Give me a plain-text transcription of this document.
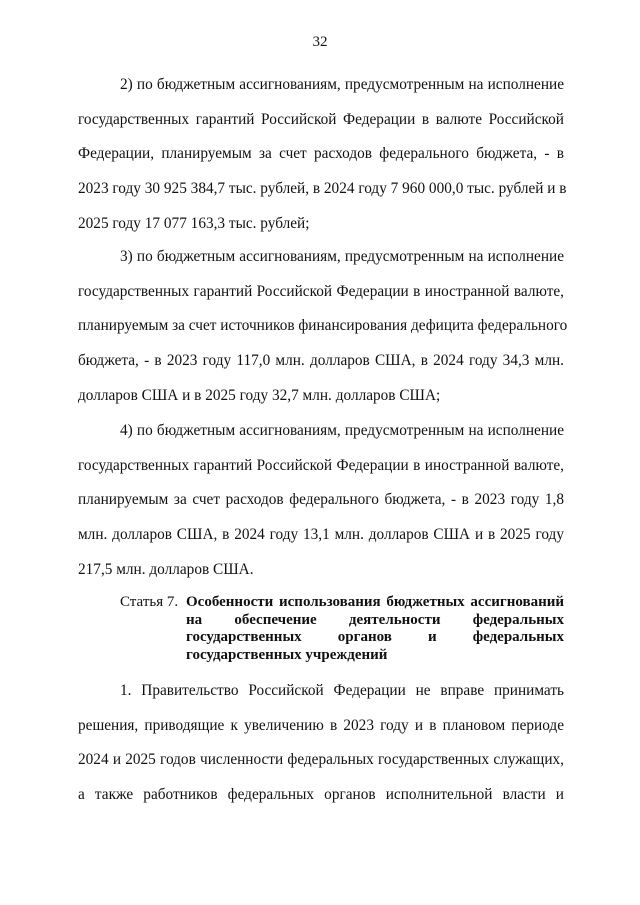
32
2) по бюджетным ассигнованиям, предусмотренным на исполнение
государственных гарантий Российской Федерации в валюте Российской
Федерации, планируемым за счет расходов федерального бюджета, - в
2023 году 30 925 384,7 тыс. рублей, в 2024 году 7 960 000,0 тыс. рублей и в
2025 году 17 077 163,3 тыс. рублей;
3) по бюджетным ассигнованиям, предусмотренным на исполнение
государственных гарантий Российской Федерации в иностранной валюте,
планируемым за счет источников финансирования дефицита федерального
бюджета, - в 2023 году 117,0 млн. долларов США, в 2024 году 34,3 млн.
долларов США и в 2025 году 32,7 млн. долларов США;
4) по бюджетным ассигнованиям, предусмотренным на исполнение
государственных гарантий Российской Федерации в иностранной валюте,
планируемым за счет расходов федерального бюджета, - в 2023 году 1,8
млн. долларов США, в 2024 году 13,1 млн. долларов США и в 2025 году
217,5 млн. долларов США.
Статья 7. Особенности использования бюджетных ассигнований
на обеспечение деятельности федеральных
государственных органов и федеральных
государственных учреждений
1. Правительство Российской Федерации не вправе принимать
решения, приводящие к увеличению в 2023 году и в плановом периоде
2024 и 2025 годов численности федеральных государственных служащих,
а также работников федеральных органов исполнительной власти и
